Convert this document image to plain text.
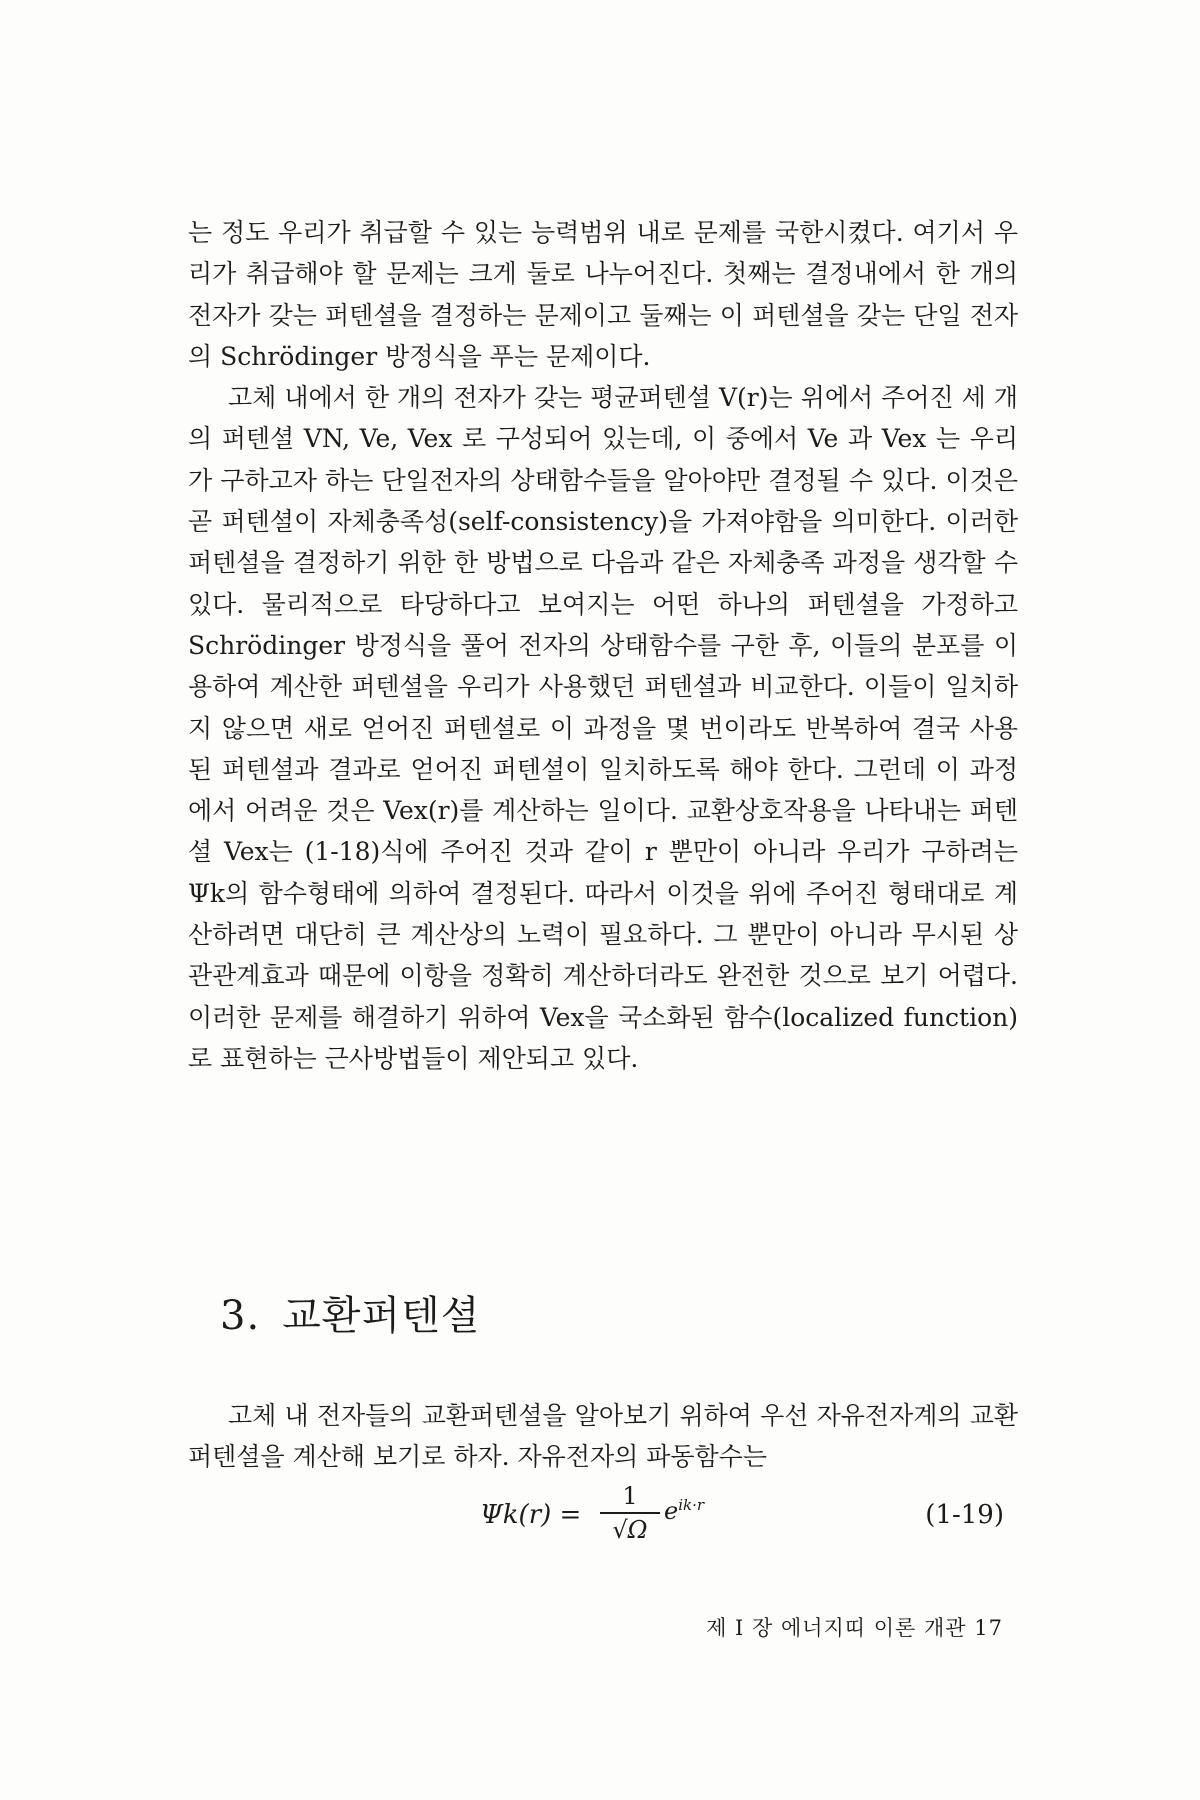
는 정도 우리가 취급할 수 있는 능력범위 내로 문제를 국한시켰다. 여기서 우리가 취급해야 할 문제는 크게 둘로 나누어진다. 첫째는 결정내에서 한 개의 전자가 갖는 퍼텐셜을 결정하는 문제이고 둘째는 이 퍼텐셜을 갖는 단일 전자의 Schrödinger 방정식을 푸는 문제이다.

고체 내에서 한 개의 전자가 갖는 평균퍼텐셜 V(r)는 위에서 주어진 세 개의 퍼텐셜 VN, Ve, Vex 로 구성되어 있는데, 이 중에서 Ve 과 Vex 는 우리가 구하고자 하는 단일전자의 상태함수들을 알아야만 결정될 수 있다. 이것은 곧 퍼텐셜이 자체충족성(self-consistency)을 가져야함을 의미한다. 이러한 퍼텐셜을 결정하기 위한 한 방법으로 다음과 같은 자체충족 과정을 생각할 수 있다. 물리적으로 타당하다고 보여지는 어떤 하나의 퍼텐셜을 가정하고 Schrödinger 방정식을 풀어 전자의 상태함수를 구한 후, 이들의 분포를 이용하여 계산한 퍼텐셜을 우리가 사용했던 퍼텐셜과 비교한다. 이들이 일치하지 않으면 새로 얻어진 퍼텐셜로 이 과정을 몇 번이라도 반복하여 결국 사용된 퍼텐셜과 결과로 얻어진 퍼텐셜이 일치하도록 해야 한다. 그런데 이 과정에서 어려운 것은 Vex(r)를 계산하는 일이다. 교환상호작용을 나타내는 퍼텐셜 Vex는 (1-18)식에 주어진 것과 같이 r 뿐만이 아니라 우리가 구하려는 Ψk의 함수형태에 의하여 결정된다. 따라서 이것을 위에 주어진 형태대로 계산하려면 대단히 큰 계산상의 노력이 필요하다. 그 뿐만이 아니라 무시된 상관관계효과 때문에 이항을 정확히 계산하더라도 완전한 것으로 보기 어렵다. 이러한 문제를 해결하기 위하여 Vex을 국소화된 함수(localized function)로 표현하는 근사방법들이 제안되고 있다.

3. 교환퍼텐셜

고체 내 전자들의 교환퍼텐셜을 알아보기 위하여 우선 자유전자계의 교환퍼텐셜을 계산해 보기로 하자. 자유전자의 파동함수는

Ψk(r) =
1
√Ω
$e^{ik\cdot r}$	(1-19)
제 I 장 에너지띠 이론 개관 17
